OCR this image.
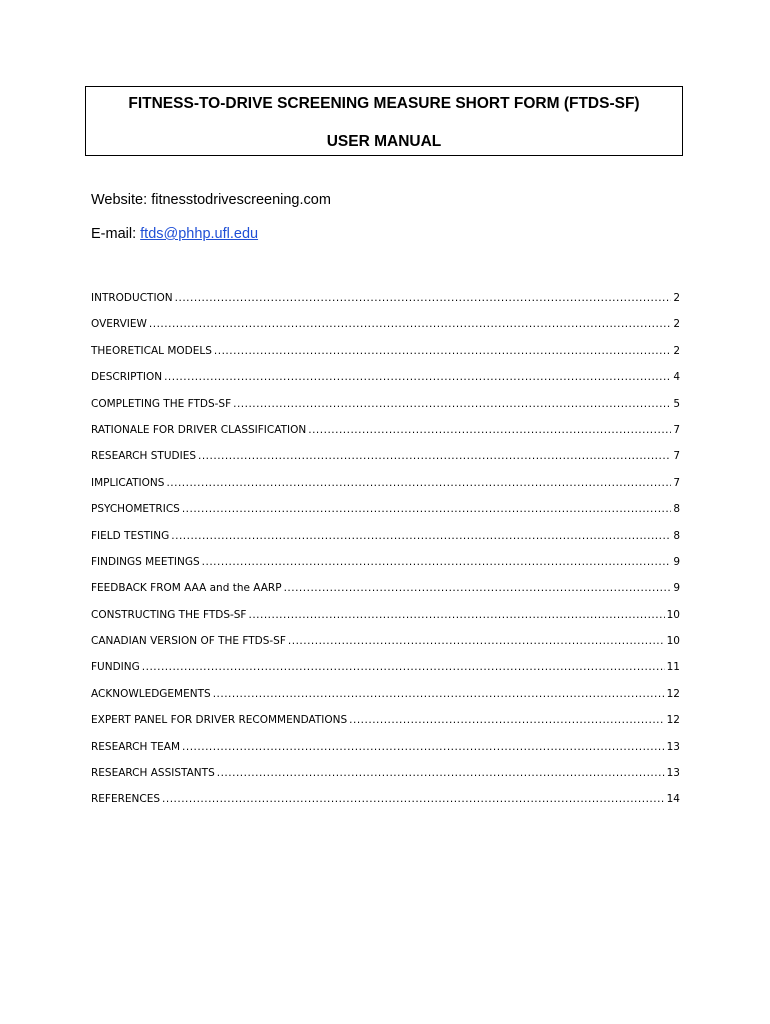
FITNESS-TO-DRIVE SCREENING MEASURE SHORT FORM (FTDS-SF)
USER MANUAL
Website: fitnesstodrivescreening.com
E-mail: ftds@phhp.ufl.edu
INTRODUCTION .....	2
OVERVIEW .....	2
THEORETICAL MODELS .....	2
DESCRIPTION .....	4
COMPLETING THE FTDS-SF .....	5
RATIONALE FOR DRIVER CLASSIFICATION .....	7
RESEARCH STUDIES .....	7
IMPLICATIONS .....	7
PSYCHOMETRICS .....	8
FIELD TESTING .....	8
FINDINGS MEETINGS .....	9
FEEDBACK FROM AAA and the AARP .....	9
CONSTRUCTING THE FTDS-SF .....	10
CANADIAN VERSION OF THE FTDS-SF .....	10
FUNDING .....	11
ACKNOWLEDGEMENTS .....	12
EXPERT PANEL FOR DRIVER RECOMMENDATIONS .....	12
RESEARCH TEAM .....	13
RESEARCH ASSISTANTS .....	13
REFERENCES .....	14
